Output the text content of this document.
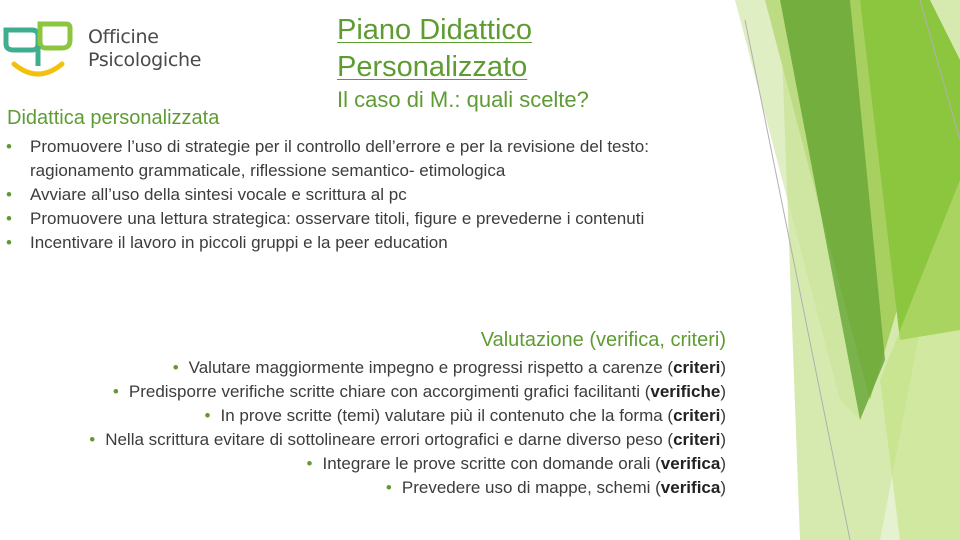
Officine
Psicologiche
Didattica personalizzata
Piano Didattico
Personalizzato
Il caso di M.: quali scelte?
• Promuovere l’uso di strategie per il controllo dell’errore e per la revisione del testo: ragionamento grammaticale, riflessione semantico- etimologica
• Avviare all’uso della sintesi vocale e scrittura al pc
• Promuovere una lettura strategica: osservare titoli, figure e prevederne i contenuti
• Incentivare il lavoro in piccoli gruppi e la peer education
Valutazione (verifica, criteri)
• Valutare maggiormente impegno e progressi rispetto a carenze (criteri)
• Predisporre verifiche scritte chiare con accorgimenti grafici facilitanti (verifiche)
• In prove scritte (temi) valutare più il contenuto che la forma (criteri)
• Nella scrittura evitare di sottolineare errori ortografici e darne diverso peso (criteri)
• Integrare le prove scritte con domande orali (verifica)
• Prevedere uso di mappe, schemi (verifica)
